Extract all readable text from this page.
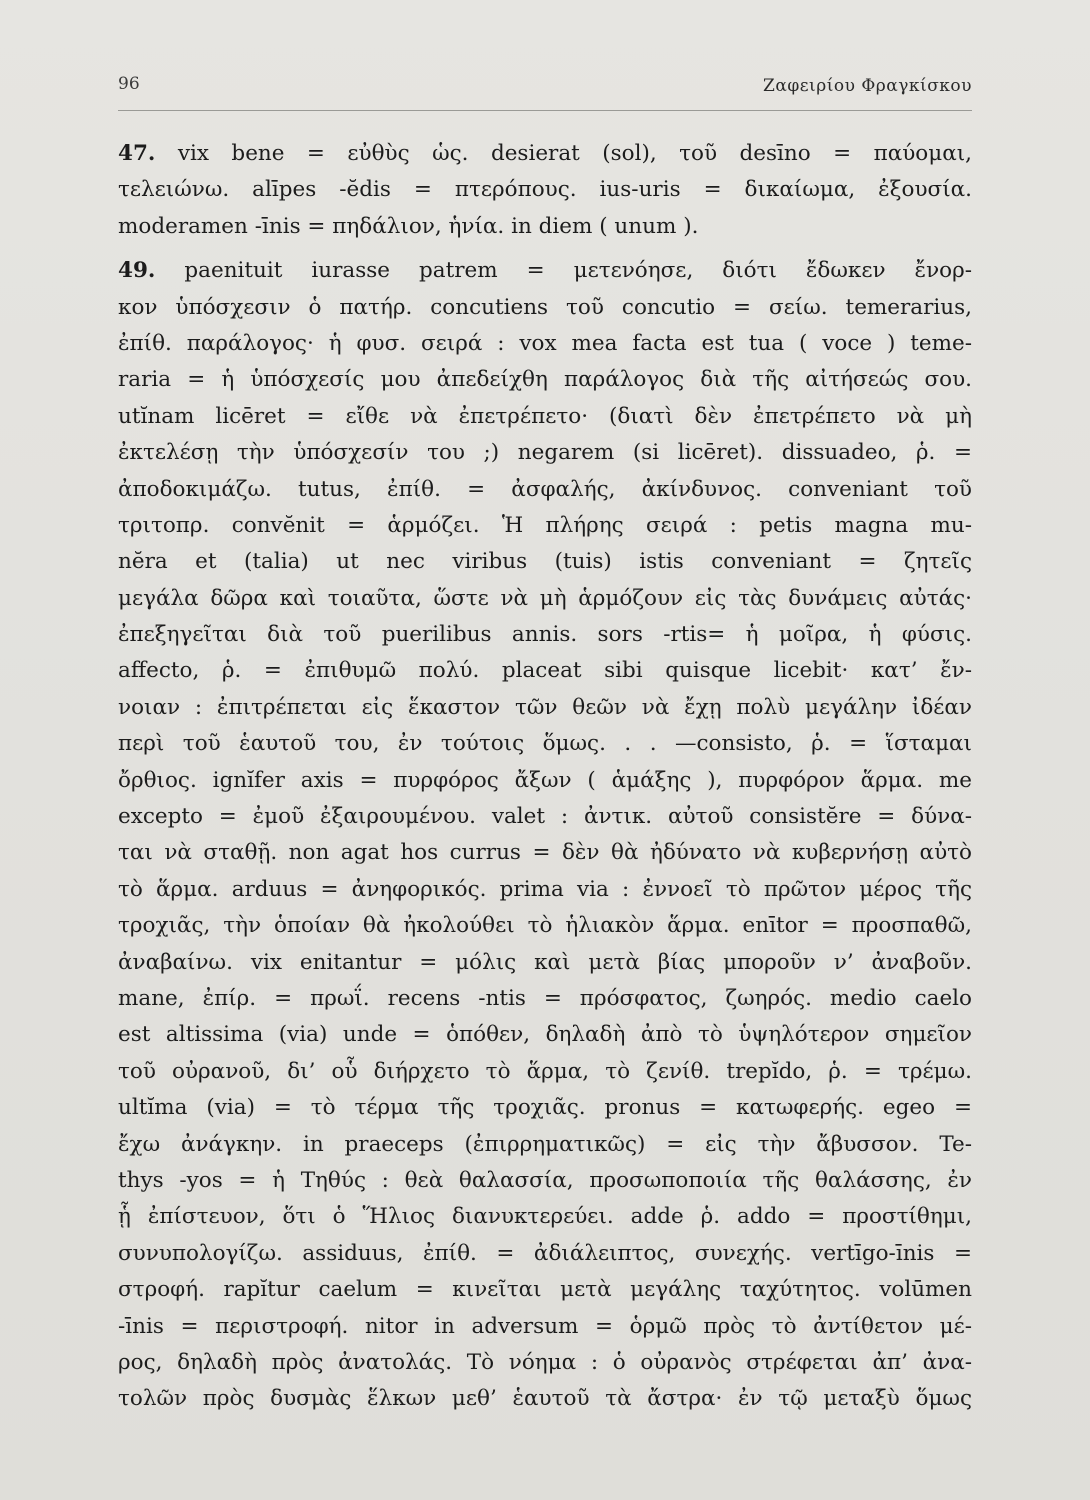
96	Ζαφειρίου Φραγκίσκου
47. vix bene = εὐθὺς ὡς. desierat (sol), τοῦ desīno = παύομαι,
τελειώνω. alīpes -ĕdis = πτερόπους. ius-uris = δικαίωμα, ἐξουσία.
moderamen -īnis = πηδάλιον, ἡνία. in diem ( unum ).
49. paenituit iurasse patrem = μετενόησε, διότι ἔδωκεν ἔνορ-
κον ὑπόσχεσιν ὁ πατήρ. concutiens τοῦ concutio = σείω. temerarius,
ἐπίθ. παράλογος· ἡ φυσ. σειρά : vox mea facta est tua ( voce ) teme-
raria = ἡ ὑπόσχεσίς μου ἀπεδείχθη παράλογος διὰ τῆς αἰτήσεώς σου.
utĭnam licēret = εἴθε νὰ ἐπετρέπετο· (διατὶ δὲν ἐπετρέπετο νὰ μὴ
ἐκτελέσῃ τὴν ὑπόσχεσίν του ;) negarem (si licēret). dissuadeo, ῥ. =
ἀποδοκιμάζω. tutus, ἐπίθ. = ἀσφαλής, ἀκίνδυνος. conveniant τοῦ
τριτοπρ. convĕnit = ἁρμόζει. Ἡ πλήρης σειρά : petis magna mu-
nĕra et (talia) ut nec viribus (tuis) istis conveniant = ζητεῖς
μεγάλα δῶρα καὶ τοιαῦτα, ὥστε νὰ μὴ ἁρμόζουν εἰς τὰς δυνάμεις αὐτάς·
ἐπεξηγεῖται διὰ τοῦ puerilibus annis. sors -rtis= ἡ μοῖρα, ἡ φύσις.
affecto, ῥ. = ἐπιθυμῶ πολύ. placeat sibi quisque licebit· κατ’ ἔν-
νοιαν : ἐπιτρέπεται εἰς ἕκαστον τῶν θεῶν νὰ ἔχῃ πολὺ μεγάλην ἰδέαν
περὶ τοῦ ἑαυτοῦ του, ἐν τούτοις ὅμως. . . —consisto, ῥ. = ἵσταμαι
ὄρθιος. ignĭfer axis = πυρφόρος ἄξων ( ἁμάξης ), πυρφόρον ἅρμα. me
excepto = ἐμοῦ ἐξαιρουμένου. valet : ἀντικ. αὐτοῦ consistĕre = δύνα-
ται νὰ σταθῇ. non agat hos currus = δὲν θὰ ἠδύνατο νὰ κυβερνήσῃ αὐτὸ
τὸ ἅρμα. arduus = ἀνηφορικός. prima via : ἐννοεῖ τὸ πρῶτον μέρος τῆς
τροχιᾶς, τὴν ὁποίαν θὰ ἠκολούθει τὸ ἡλιακὸν ἅρμα. enītor = προσπαθῶ,
ἀναβαίνω. vix enitantur = μόλις καὶ μετὰ βίας μποροῦν ν’ ἀναβοῦν.
mane, ἐπίρ. = πρωΐ. recens -ntis = πρόσφατος, ζωηρός. medio caelo
est altissima (via) unde = ὁπόθεν, δηλαδὴ ἀπὸ τὸ ὑψηλότερον σημεῖον
τοῦ οὐρανοῦ, δι’ οὗ διήρχετο τὸ ἅρμα, τὸ ζενίθ. trepĭdo, ῥ. = τρέμω.
ultĭma (via) = τὸ τέρμα τῆς τροχιᾶς. pronus = κατωφερής. egeo =
ἔχω ἀνάγκην. in praeceps (ἐπιρρηματικῶς) = εἰς τὴν ἄβυσσον. Te-
thys -yos = ἡ Τηθύς : θεὰ θαλασσία, προσωποποιία τῆς θαλάσσης, ἐν
ᾗ ἐπίστευον, ὅτι ὁ Ἥλιος διανυκτερεύει. adde ῥ. addo = προστίθημι,
συνυπολογίζω. assiduus, ἐπίθ. = ἀδιάλειπτος, συνεχής. vertīgo-īnis =
στροφή. rapĭtur caelum = κινεῖται μετὰ μεγάλης ταχύτητος. volūmen
-īnis = περιστροφή. nitor in adversum = ὁρμῶ πρὸς τὸ ἀντίθετον μέ-
ρος, δηλαδὴ πρὸς ἀνατολάς. Τὸ νόημα : ὁ οὐρανὸς στρέφεται ἀπ’ ἀνα-
τολῶν πρὸς δυσμὰς ἕλκων μεθ’ ἑαυτοῦ τὰ ἄστρα· ἐν τῷ μεταξὺ ὅμως
